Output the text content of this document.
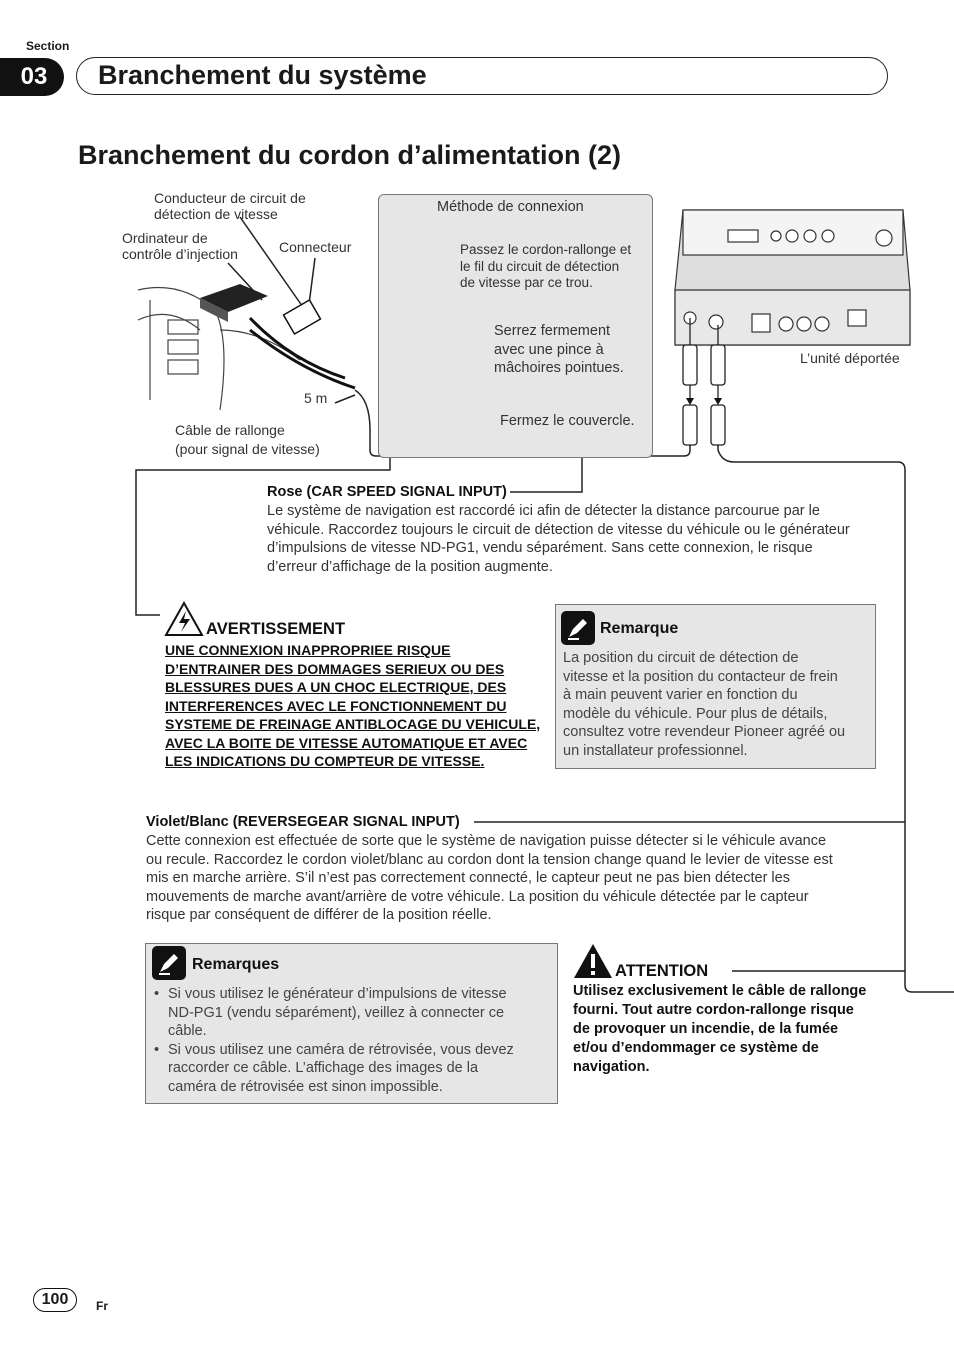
Section
03	Branchement du système
Branchement du cordon d’alimentation (2)
Conducteur de circuit de
détection de vitesse
Ordinateur de
contrôle d’injection	Connecteur
5 m
Câble de rallonge
(pour signal de vitesse)
L’unité déportée
Méthode de connexion
Passez le cordon-rallonge et
le fil du circuit de détection
de vitesse par ce trou.
Serrez fermement
avec une pince à
mâchoires pointues.
Fermez le couvercle.
Rose (CAR SPEED SIGNAL INPUT)
Le système de navigation est raccordé ici afin de détecter la distance parcourue par le
véhicule. Raccordez toujours le circuit de détection de vitesse du véhicule ou le générateur
d’impulsions de vitesse ND-PG1, vendu séparément. Sans cette connexion, le risque
d’erreur d’affichage de la position augmente.
AVERTISSEMENT
UNE CONNEXION INAPPROPRIEE RISQUE
D’ENTRAINER DES DOMMAGES SERIEUX OU DES
BLESSURES DUES A UN CHOC ELECTRIQUE, DES
INTERFERENCES AVEC LE FONCTIONNEMENT DU
SYSTEME DE FREINAGE ANTIBLOCAGE DU VEHICULE,
AVEC LA BOITE DE VITESSE AUTOMATIQUE ET AVEC
LES INDICATIONS DU COMPTEUR DE VITESSE.
Remarque
La position du circuit de détection de
vitesse et la position du contacteur de frein
à main peuvent varier en fonction du
modèle du véhicule. Pour plus de détails,
consultez votre revendeur Pioneer agréé ou
un installateur professionnel.
Violet/Blanc (REVERSEGEAR SIGNAL INPUT)
Cette connexion est effectuée de sorte que le système de navigation puisse détecter si le véhicule avance
ou recule. Raccordez le cordon violet/blanc au cordon dont la tension change quand le levier de vitesse est
mis en marche arrière. S’il n’est pas correctement connecté, le capteur peut ne pas bien détecter les
mouvements de marche avant/arrière de votre véhicule. La position du véhicule détectée par le capteur
risque par conséquent de différer de la position réelle.
Remarques
• Si vous utilisez le générateur d’impulsions de vitesse
ND-PG1 (vendu séparément), veillez à connecter ce
câble.
• Si vous utilisez une caméra de rétrovisée, vous devez
raccorder ce câble. L’affichage des images de la
caméra de rétrovisée est sinon impossible.
ATTENTION
Utilisez exclusivement le câble de rallonge
fourni. Tout autre cordon-rallonge risque
de provoquer un incendie, de la fumée
et/ou d’endommager ce système de
navigation.
100	Fr
